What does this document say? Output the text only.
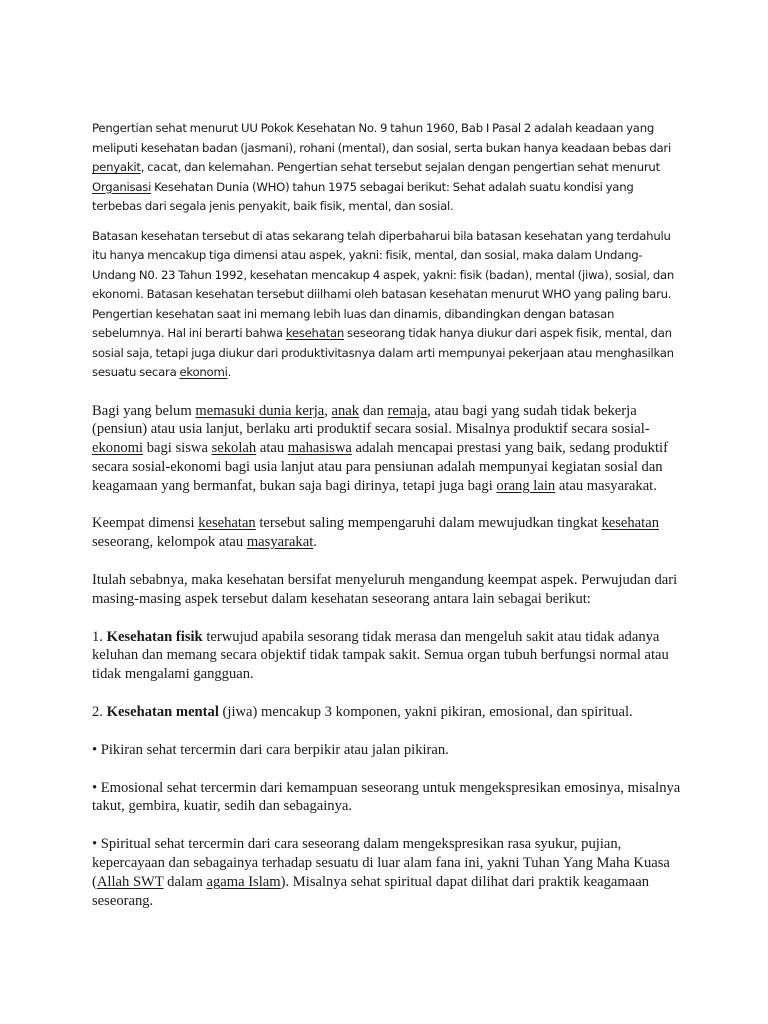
Pengertian sehat menurut UU Pokok Kesehatan No. 9 tahun 1960, Bab I Pasal 2 adalah keadaan yang meliputi kesehatan badan (jasmani), rohani (mental), dan sosial, serta bukan hanya keadaan bebas dari penyakit, cacat, dan kelemahan. Pengertian sehat tersebut sejalan dengan pengertian sehat menurut Organisasi Kesehatan Dunia (WHO) tahun 1975 sebagai berikut: Sehat adalah suatu kondisi yang terbebas dari segala jenis penyakit, baik fisik, mental, dan sosial.

Batasan kesehatan tersebut di atas sekarang telah diperbaharui bila batasan kesehatan yang terdahulu itu hanya mencakup tiga dimensi atau aspek, yakni: fisik, mental, dan sosial, maka dalam Undang-Undang N0. 23 Tahun 1992, kesehatan mencakup 4 aspek, yakni: fisik (badan), mental (jiwa), sosial, dan ekonomi. Batasan kesehatan tersebut diilhami oleh batasan kesehatan menurut WHO yang paling baru. Pengertian kesehatan saat ini memang lebih luas dan dinamis, dibandingkan dengan batasan sebelumnya. Hal ini berarti bahwa kesehatan seseorang tidak hanya diukur dari aspek fisik, mental, dan sosial saja, tetapi juga diukur dari produktivitasnya dalam arti mempunyai pekerjaan atau menghasilkan sesuatu secara ekonomi.

Bagi yang belum memasuki dunia kerja, anak dan remaja, atau bagi yang sudah tidak bekerja (pensiun) atau usia lanjut, berlaku arti produktif secara sosial. Misalnya produktif secara sosial-ekonomi bagi siswa sekolah atau mahasiswa adalah mencapai prestasi yang baik, sedang produktif secara sosial-ekonomi bagi usia lanjut atau para pensiunan adalah mempunyai kegiatan sosial dan keagamaan yang bermanfat, bukan saja bagi dirinya, tetapi juga bagi orang lain atau masyarakat.

Keempat dimensi kesehatan tersebut saling mempengaruhi dalam mewujudkan tingkat kesehatan seseorang, kelompok atau masyarakat.

Itulah sebabnya, maka kesehatan bersifat menyeluruh mengandung keempat aspek. Perwujudan dari masing-masing aspek tersebut dalam kesehatan seseorang antara lain sebagai berikut:

1. Kesehatan fisik terwujud apabila sesorang tidak merasa dan mengeluh sakit atau tidak adanya keluhan dan memang secara objektif tidak tampak sakit. Semua organ tubuh berfungsi normal atau tidak mengalami gangguan.

2. Kesehatan mental (jiwa) mencakup 3 komponen, yakni pikiran, emosional, dan spiritual.

• Pikiran sehat tercermin dari cara berpikir atau jalan pikiran.

• Emosional sehat tercermin dari kemampuan seseorang untuk mengekspresikan emosinya, misalnya takut, gembira, kuatir, sedih dan sebagainya.

• Spiritual sehat tercermin dari cara seseorang dalam mengekspresikan rasa syukur, pujian, kepercayaan dan sebagainya terhadap sesuatu di luar alam fana ini, yakni Tuhan Yang Maha Kuasa (Allah SWT dalam agama Islam). Misalnya sehat spiritual dapat dilihat dari praktik keagamaan seseorang.
